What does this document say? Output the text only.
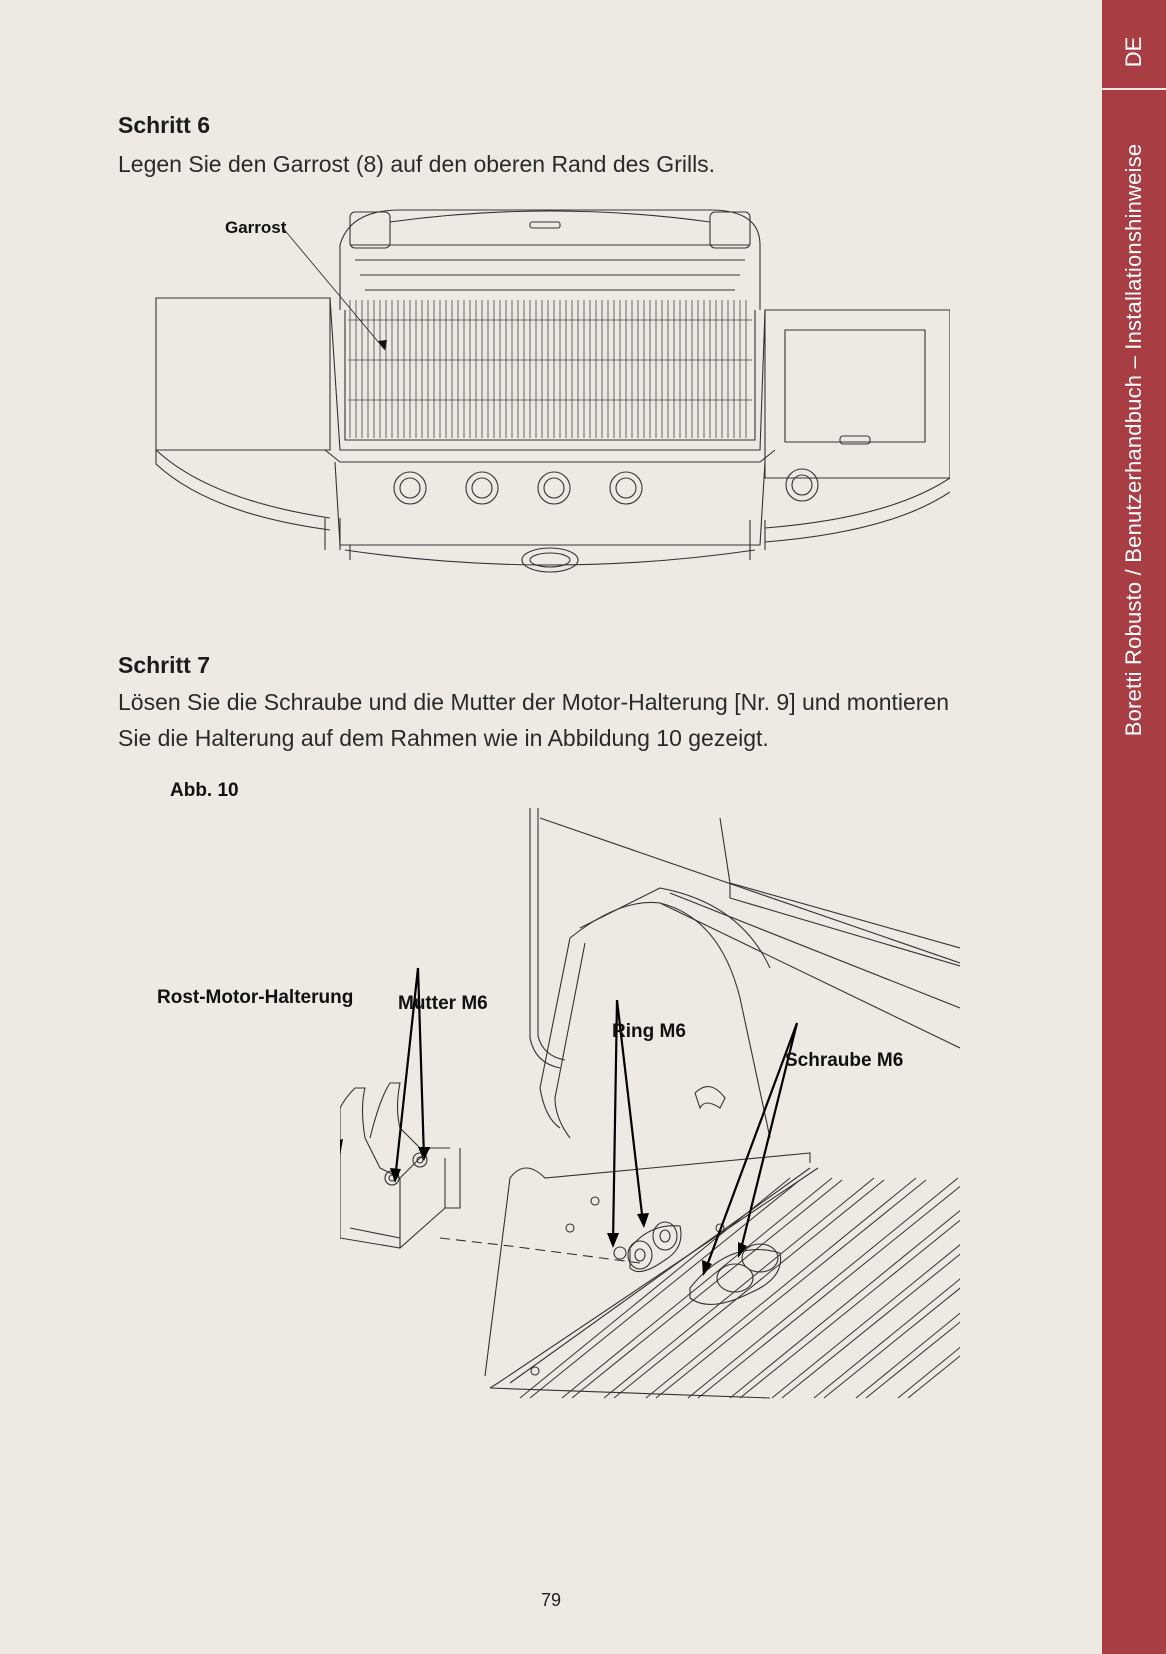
DE
Boretti Robusto / Benutzerhandbuch – Installationshinweise
Schritt 6
Legen Sie den Garrost (8) auf den oberen Rand des Grills.
Garrost
Schritt 7
Lösen Sie die Schraube und die Mutter der Motor-Halterung [Nr. 9] und montieren Sie die Halterung auf dem Rahmen wie in Abbildung 10 gezeigt.
Abb. 10
Rost-Motor-Halterung Mutter M6
Ring M6
Schraube M6
79
